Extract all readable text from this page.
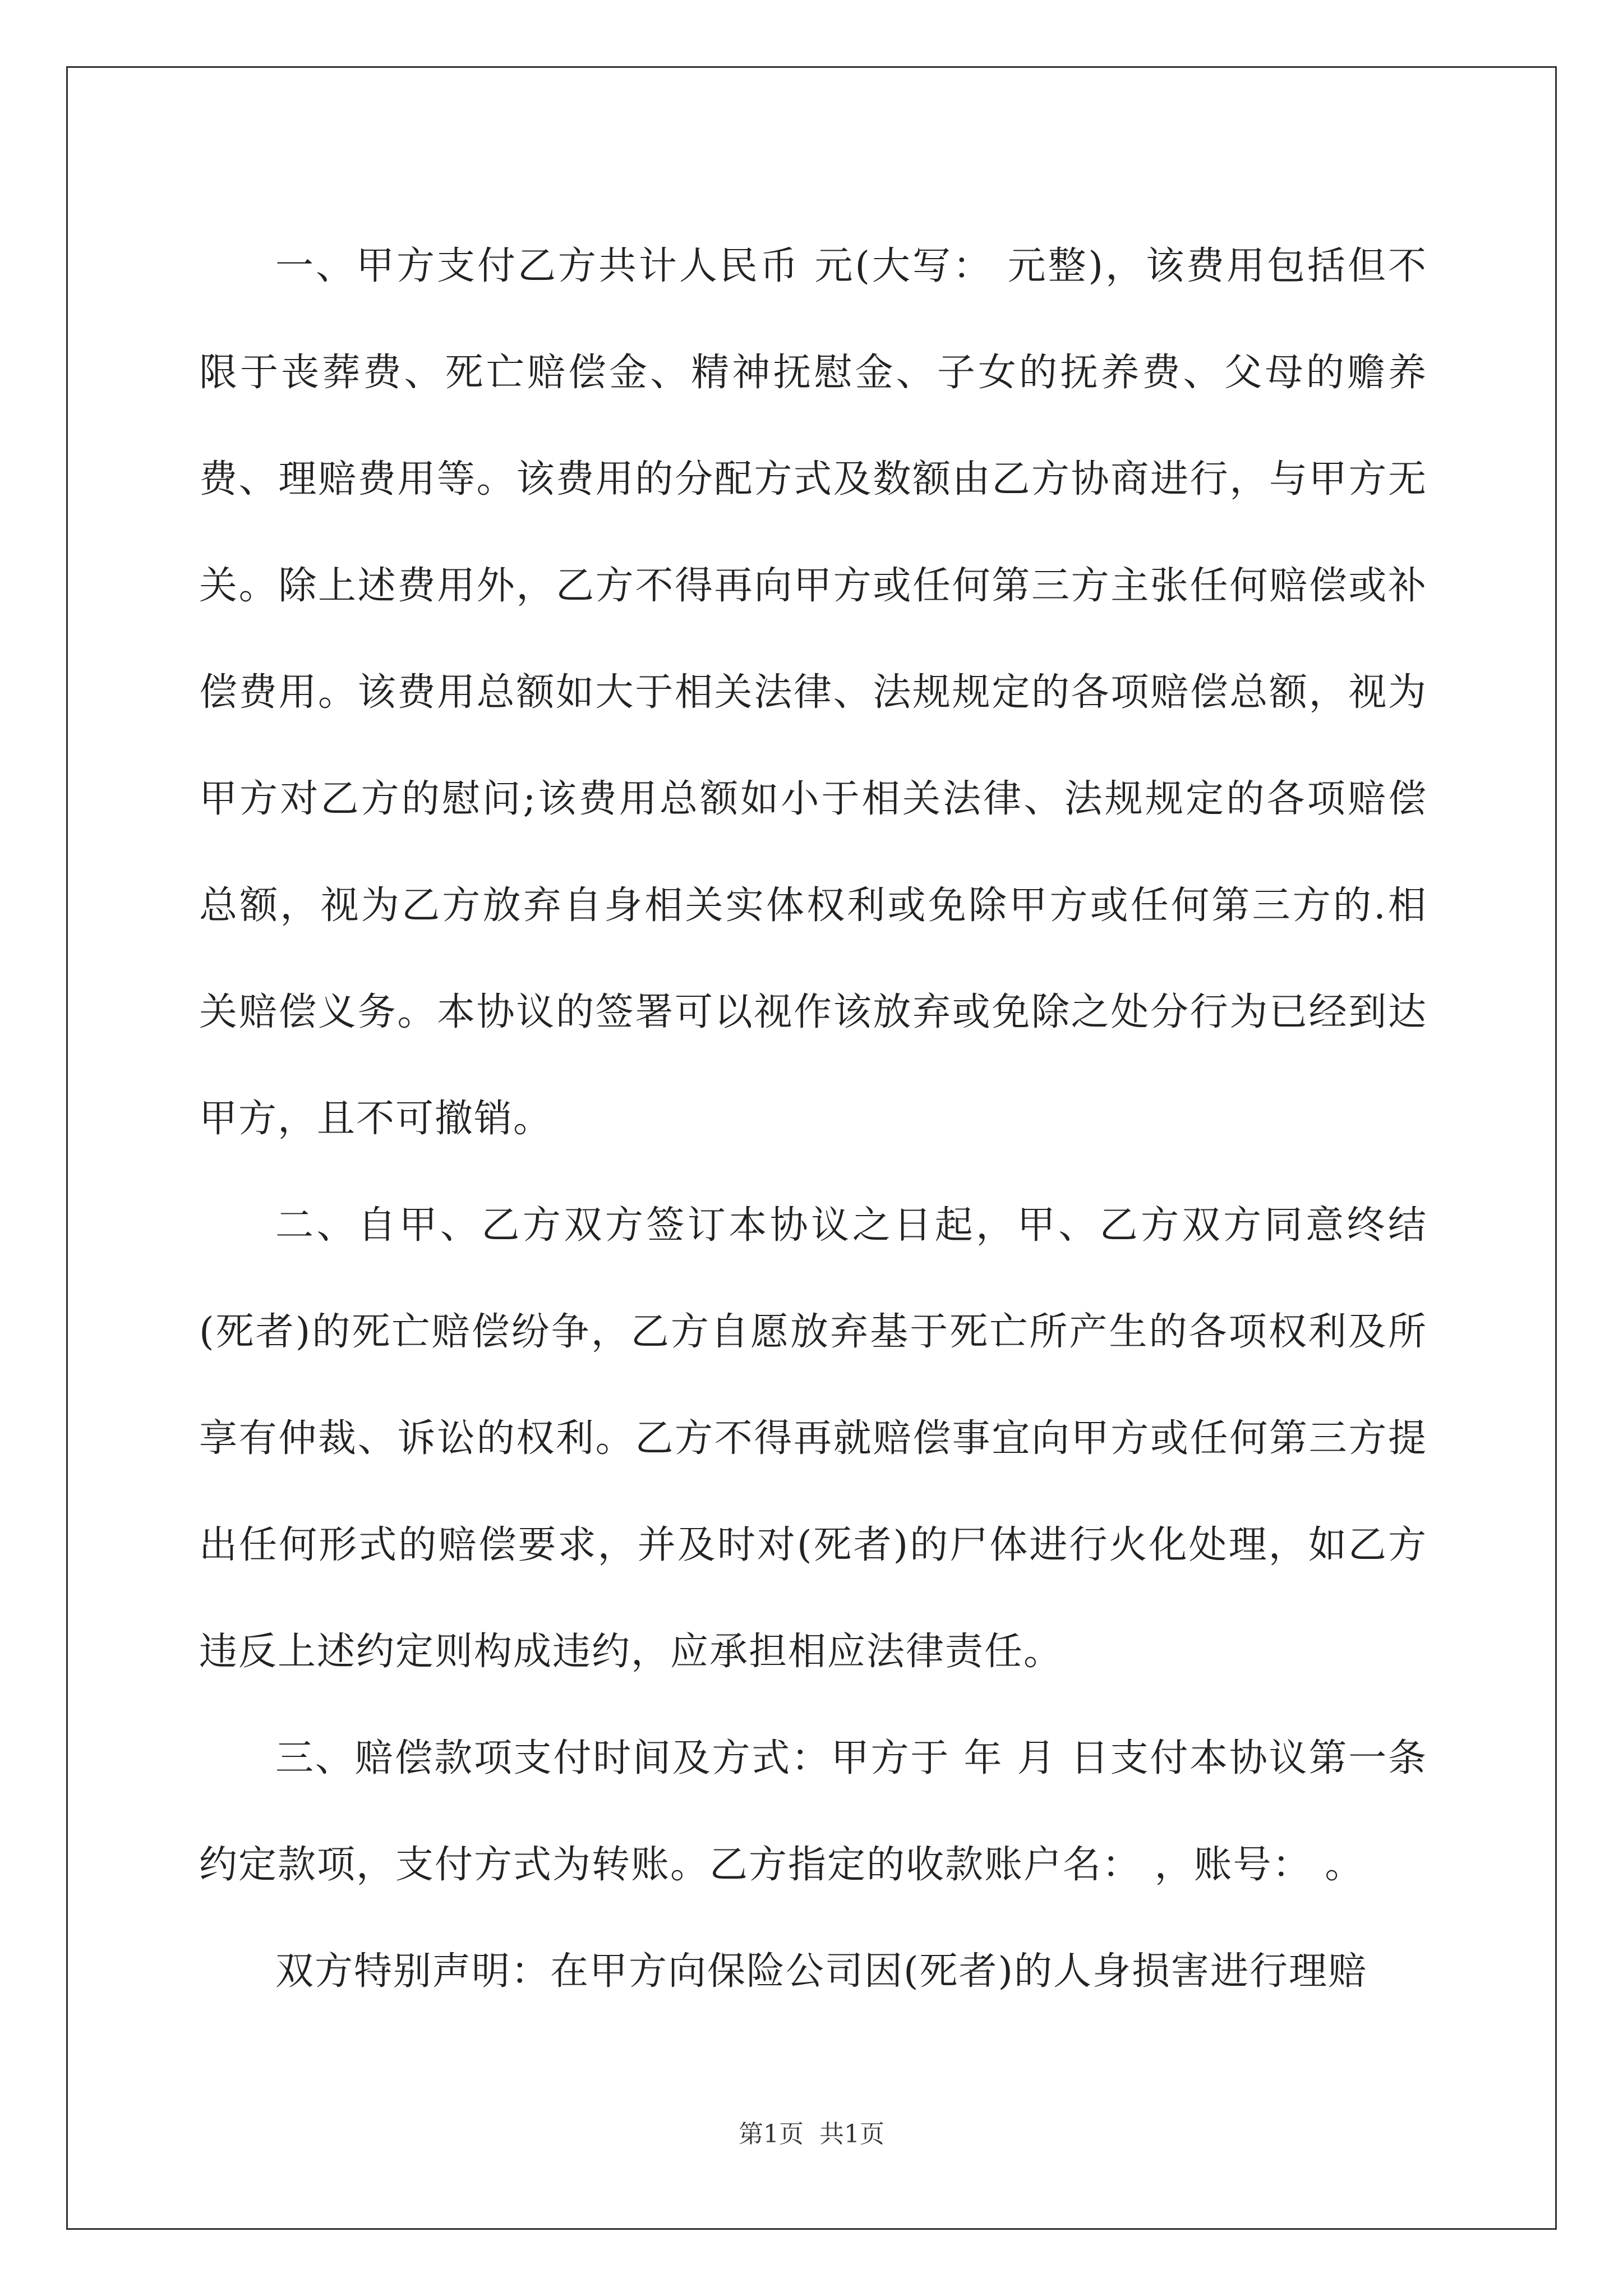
一、甲方支付乙方共计人民币 元(大写： 元整)，该费用包括但不限于丧葬费、死亡赔偿金、精神抚慰金、子女的抚养费、父母的赡养费、理赔费用等。该费用的分配方式及数额由乙方协商进行，与甲方无关。除上述费用外，乙方不得再向甲方或任何第三方主张任何赔偿或补偿费用。该费用总额如大于相关法律、法规规定的各项赔偿总额，视为甲方对乙方的慰问;该费用总额如小于相关法律、法规规定的各项赔偿总额，视为乙方放弃自身相关实体权利或免除甲方或任何第三方的.相关赔偿义务。本协议的签署可以视作该放弃或免除之处分行为已经到达甲方，且不可撤销。

二、自甲、乙方双方签订本协议之日起，甲、乙方双方同意终结(死者)的死亡赔偿纷争，乙方自愿放弃基于死亡所产生的各项权利及所享有仲裁、诉讼的权利。乙方不得再就赔偿事宜向甲方或任何第三方提出任何形式的赔偿要求，并及时对(死者)的尸体进行火化处理，如乙方违反上述约定则构成违约，应承担相应法律责任。

三、赔偿款项支付时间及方式：甲方于 年 月 日支付本协议第一条约定款项，支付方式为转账。乙方指定的收款账户名： ，账号： 。

双方特别声明：在甲方向保险公司因(死者)的人身损害进行理赔

第1页  共1页
